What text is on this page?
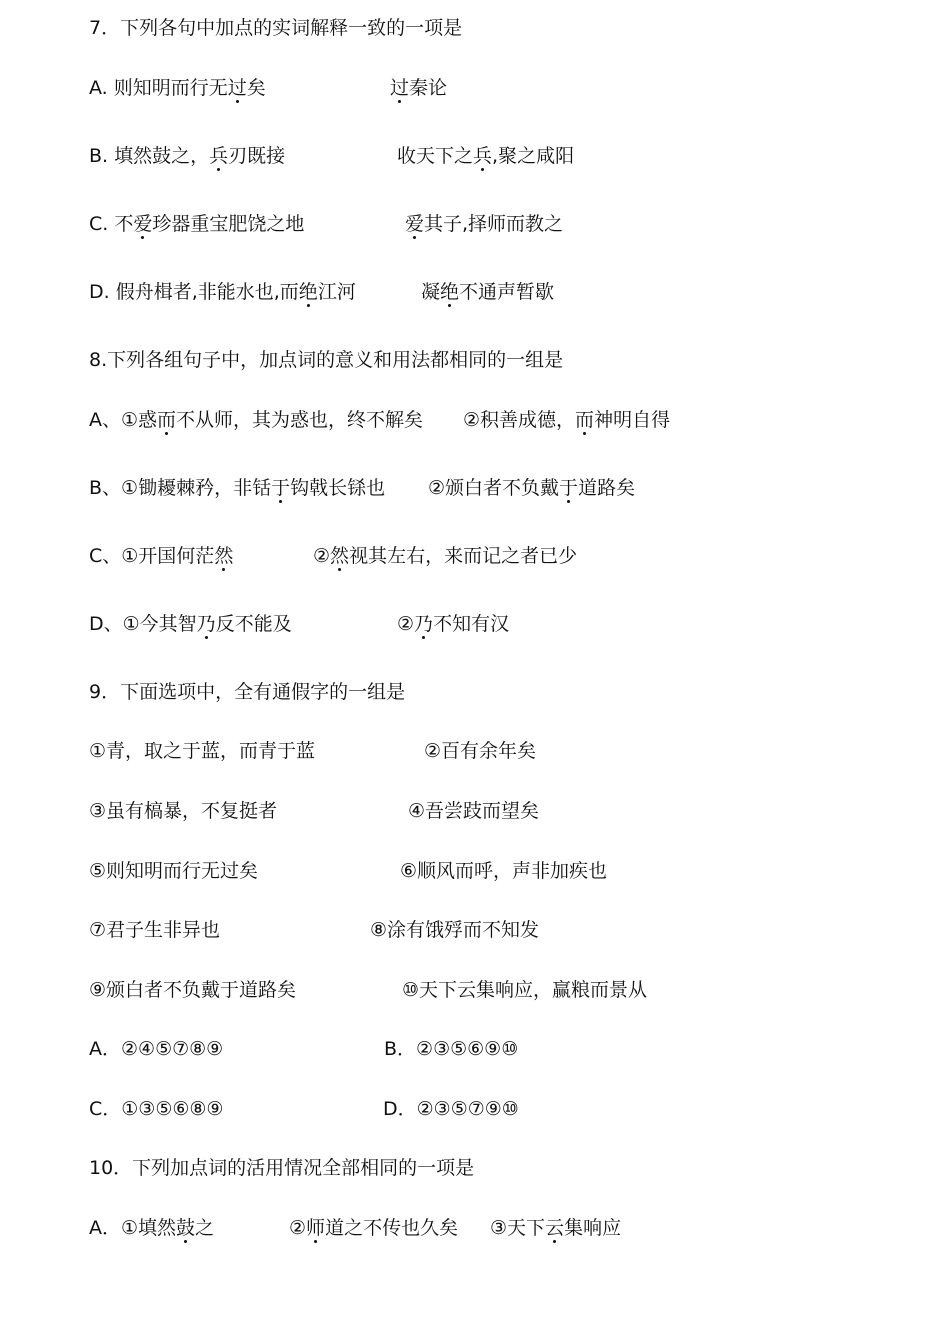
7．下列各句中加点的实词解释一致的一项是
A. 则知明而行无过矣	过秦论
B. 填然鼓之，兵刃既接	收天下之兵,聚之咸阳
C. 不爱珍器重宝肥饶之地	爱其子,择师而教之
D. 假舟楫者,非能水也,而绝江河	凝绝不通声暂歇
8.下列各组句子中，加点词的意义和用法都相同的一组是
A、①惑而不从师，其为惑也，终不解矣 ②积善成德，而神明自得
B、①锄耰棘矜，非铦于钩戟长铩也 ②颁白者不负戴于道路矣
C、①开国何茫然	②然视其左右，来而记之者已少
D、①今其智乃反不能及	②乃不知有汉
9．下面选项中，全有通假字的一组是
①青，取之于蓝，而青于蓝	②百有余年矣
③虽有槁暴，不复挺者	④吾尝跂而望矣
⑤则知明而行无过矣	⑥顺风而呼，声非加疾也
⑦君子生非异也	⑧涂有饿殍而不知发
⑨颁白者不负戴于道路矣	⑩天下云集响应，赢粮而景从
A．②④⑤⑦⑧⑨	B．②③⑤⑥⑨⑩
C．①③⑤⑥⑧⑨	D．②③⑤⑦⑨⑩
10．下列加点词的活用情况全部相同的一项是
A．①填然鼓之	②师道之不传也久矣 ③天下云集响应
